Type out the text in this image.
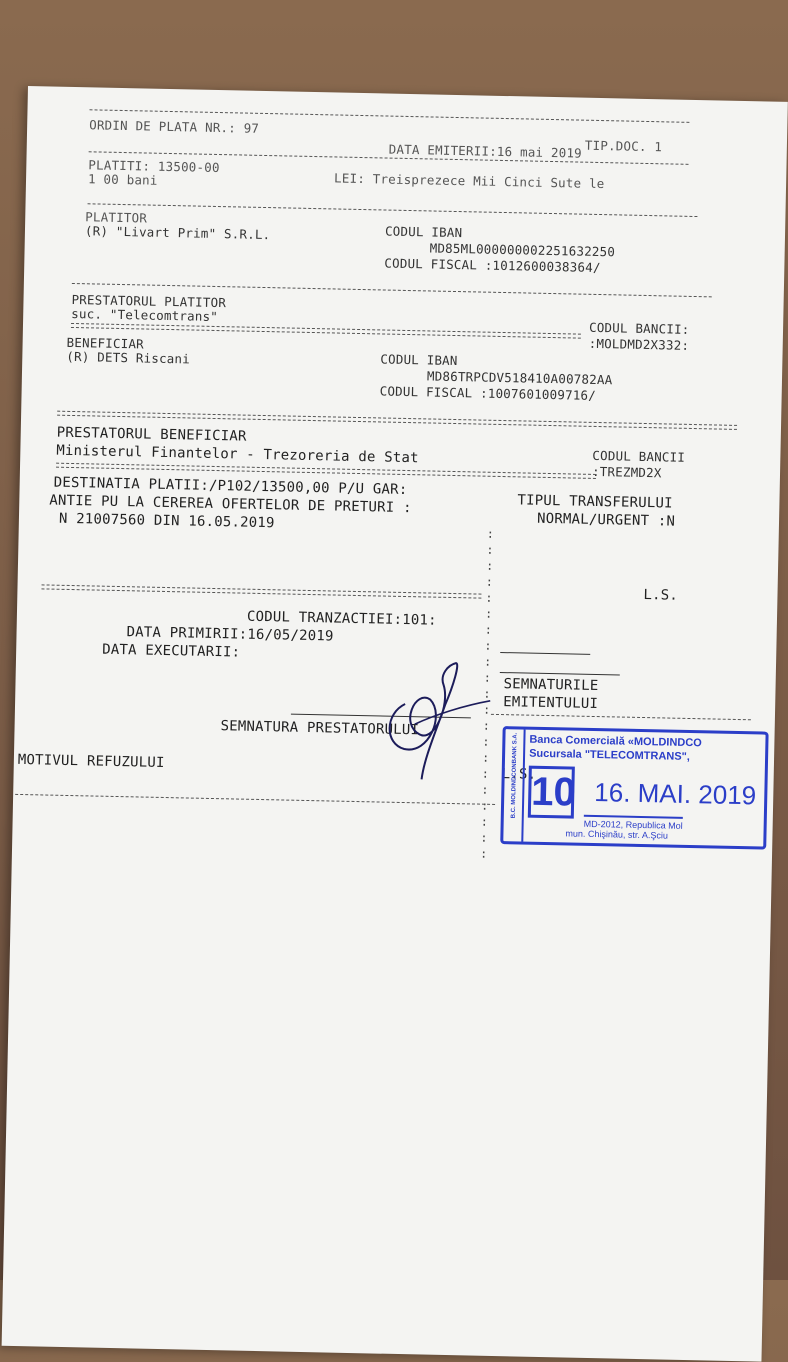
ORDIN DE PLATA NR.: 97
TIP.DOC. 1
DATA EMITERII:16 mai 2019
PLATITI: 13500-00
LEI: Treisprezece Mii Cinci Sute le
1 00 bani
PLATITOR
(R) "Livart Prim" S.R.L.	CODUL IBAN
MD85ML000000002251632250
CODUL FISCAL :1012600038364/
PRESTATORUL PLATITOR
suc. "Telecomtrans"
CODUL BANCII:
:MOLDMD2X332:
BENEFICIAR
(R) DETS Riscani	CODUL IBAN
MD86TRPCDV518410A00782AA
CODUL FISCAL :1007601009716/
PRESTATORUL BENEFICIAR
Ministerul Finantelor - Trezoreria de Stat	CODUL BANCII
:TREZMD2X
DESTINATIA PLATII:/P102/13500,00 P/U GAR:
ANTIE PU LA CEREREA OFERTELOR DE PRETURI :
N 21007560 DIN 16.05.2019
TIPUL TRANSFERULUI
NORMAL/URGENT :N
:
:
:
:
:
:
:
:
:
:
:
:
:
:
:
:
:
:
:
:
:
L.S.
CODUL TRANZACTIEI:101:
DATA PRIMIRII:16/05/2019
DATA EXECUTARII:
SEMNATURILE
EMITENTULUI
SEMNATURA PRESTATORULUI
MOTIVUL REFUZULUI
L.S.
B.C. MOLDINDCONBANK S.A. Banca Comercială «MOLDINDCO
Sucursala "TELECOMTRANS",
10 16. MAI. 2019
MD-2012, Republica Mol
mun. Chişinău, str. A.Şciu
